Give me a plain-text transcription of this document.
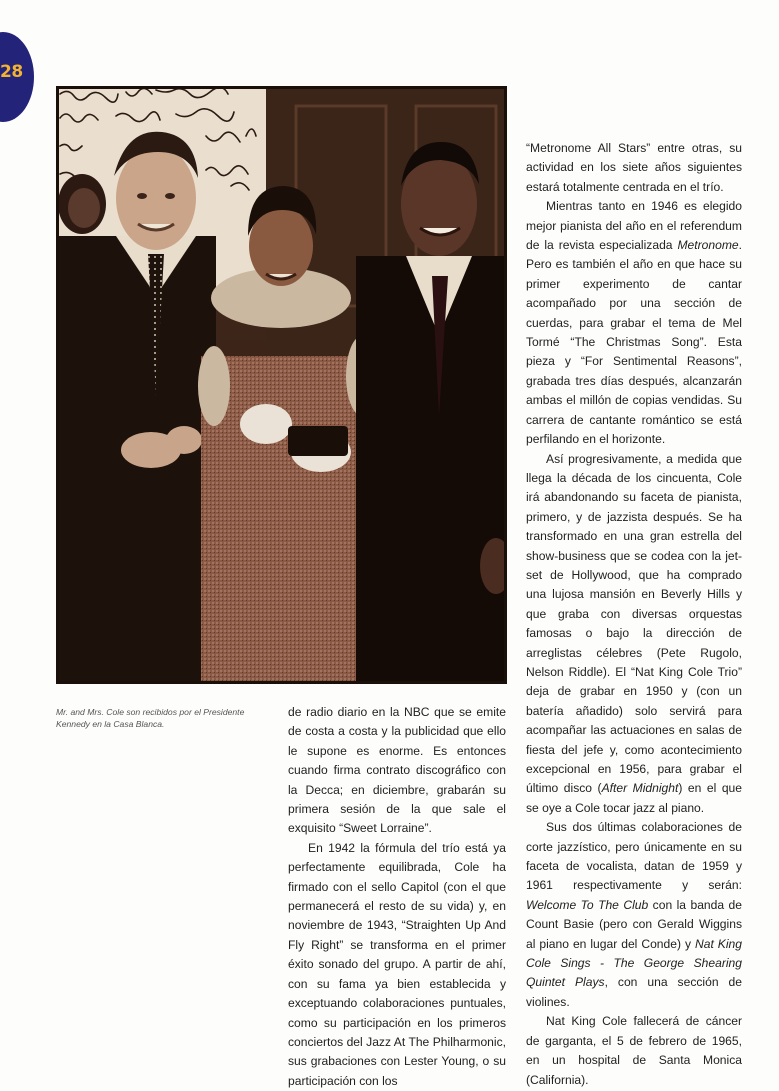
28
Mr. and Mrs. Cole son recibidos por el Presidente Kennedy en la Casa Blanca.

de radio diario en la NBC que se emite de costa a costa y la publicidad que ello le supone es enorme. Es entonces cuando firma contrato discográfico con la Decca; en diciembre, grabarán su primera sesión de la que sale el exquisito “Sweet Lorraine”.

En 1942 la fórmula del trío está ya perfectamente equilibrada, Cole ha firmado con el sello Capitol (con el que permanecerá el resto de su vida) y, en noviembre de 1943, “Straighten Up And Fly Right” se transforma en el primer éxito sonado del grupo. A partir de ahí, con su fama ya bien establecida y exceptuando colaboraciones puntuales, como su participación en los primeros conciertos del Jazz At The Philharmonic, sus grabaciones con Lester Young, o su participación con los

“Metronome All Stars” entre otras, su actividad en los siete años siguientes estará totalmente centrada en el trío.

Mientras tanto en 1946 es elegido mejor pianista del año en el referendum de la revista especializada Metronome. Pero es también el año en que hace su primer experimento de cantar acompañado por una sección de cuerdas, para grabar el tema de Mel Tormé “The Christmas Song”. Esta pieza y “For Sentimental Reasons”, grabada tres días después, alcanzarán ambas el millón de copias vendidas. Su carrera de cantante romántico se está perfilando en el horizonte.

Así progresivamente, a medida que llega la década de los cincuenta, Cole irá abandonando su faceta de pianista, primero, y de jazzista después. Se ha transformado en una gran estrella del show-business que se codea con la jet-set de Hollywood, que ha comprado una lujosa mansión en Beverly Hills y que graba con diversas orquestas famosas o bajo la dirección de arreglistas célebres (Pete Rugolo, Nelson Riddle). El “Nat King Cole Trio” deja de grabar en 1950 y (con un batería añadido) solo servirá para acompañar las actuaciones en salas de fiesta del jefe y, como acontecimiento excepcional en 1956, para grabar el último disco (After Midnight) en el que se oye a Cole tocar jazz al piano.

Sus dos últimas colaboraciones de corte jazzístico, pero únicamente en su faceta de vocalista, datan de 1959 y 1961 respectivamente y serán: Welcome To The Club con la banda de Count Basie (pero con Gerald Wiggins al piano en lugar del Conde) y Nat King Cole Sings - The George Shearing Quintet Plays, con una sección de violines.

Nat King Cole fallecerá de cáncer de garganta, el 5 de febrero de 1965, en un hospital de Santa Monica (California).
